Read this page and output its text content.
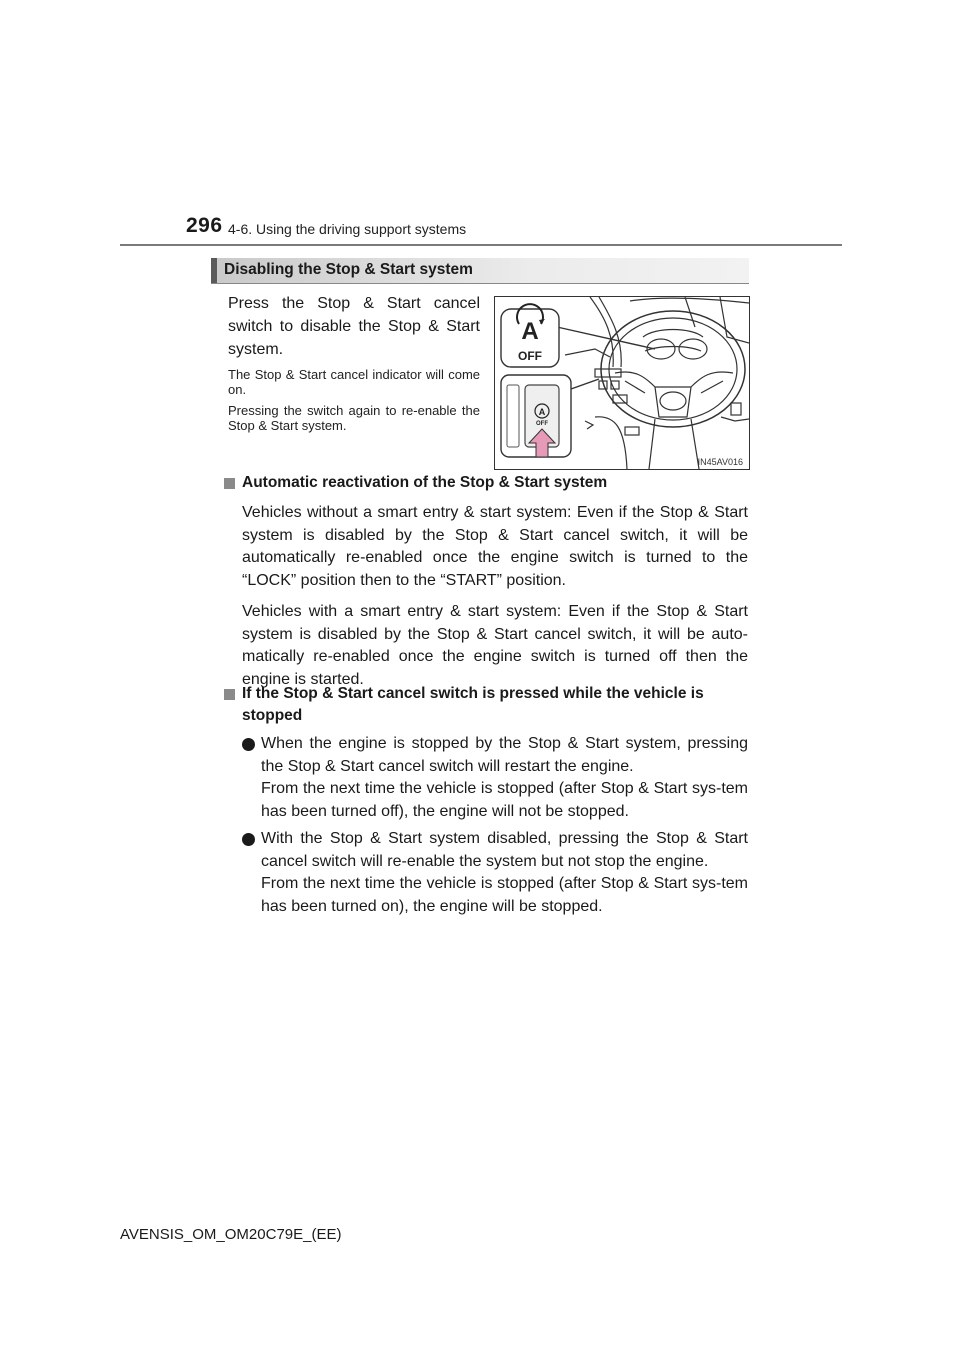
296 4-6. Using the driving support systems
Disabling the Stop & Start system

Press the Stop & Start cancel switch to disable the Stop & Start system.

The Stop & Start cancel indicator will come on.

Pressing the switch again to re-enable the Stop & Start system.

A
OFF
A
OFF
IN45AV016

Automatic reactivation of the Stop & Start system

Vehicles without a smart entry & start system: Even if the Stop & Start system is disabled by the Stop & Start cancel switch, it will be automatically re-enabled once the engine switch is turned to the “LOCK” position then to the “START” position.

Vehicles with a smart entry & start system: Even if the Stop & Start system is disabled by the Stop & Start cancel switch, it will be auto-matically re-enabled once the engine switch is turned off then the engine is started.

If the Stop & Start cancel switch is pressed while the vehicle is stopped

When the engine is stopped by the Stop & Start system, pressing the Stop & Start cancel switch will restart the engine.
From the next time the vehicle is stopped (after Stop & Start sys-tem has been turned off), the engine will not be stopped.
With the Stop & Start system disabled, pressing the Stop & Start cancel switch will re-enable the system but not stop the engine.
From the next time the vehicle is stopped (after Stop & Start sys-tem has been turned on), the engine will be stopped.
AVENSIS_OM_OM20C79E_(EE)
